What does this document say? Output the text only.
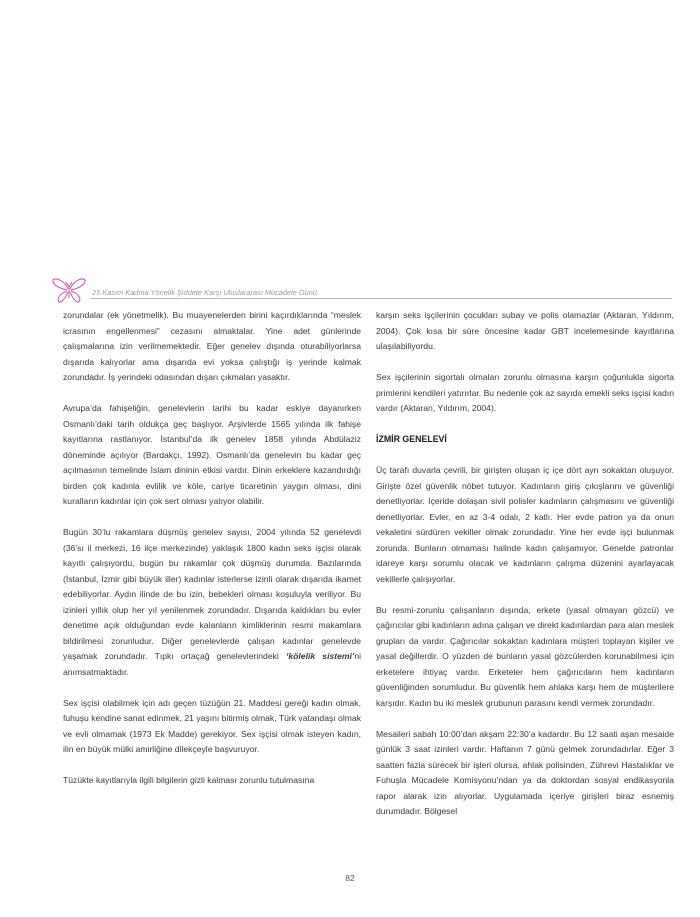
25 Kasım Kadına Yönelik Şiddete Karşı Uluslararası Mücadele Günü

zorundalar (ek yönetmelik). Bu muayenelerden birini kaçırdıklarında “meslek icrasının engellenmesi” cezasını almaktalar. Yine adet günlerinde çalışmalarına izin verilmemektedir. Eğer genelev dışında oturabiliyorlarsa dışarıda kalıyorlar ama dışarıda evi yoksa çalıştığı iş yerinde kalmak zorundadır. İş yerindeki odasından dışarı çıkmaları yasaktır.

Avrupa’da fahişeliğin, genelevlerin tarihi bu kadar eskiye dayanırken Osmanlı’daki tarih oldukça geç başlıyor. Arşivlerde 1565 yılında ilk fahişe kayıtlarına rastlanıyor. İstanbul’da ilk genelev 1858 yılında Abdülaziz döneminde açılıyor (Bardakçı, 1992). Osmanlı’da genelevin bu kadar geç açılmasının temelinde İslam dininin etkisi vardır. Dinin erkeklere kazandırdığı birden çok kadınla evlilik ve köle, cariye ticaretinin yaygın olması, dini kuralların kadınlar için çok sert olması yatıyor olabilir.

Bugün 30’lu rakamlara düşmüş genelev sayısı, 2004 yılında 52 genelevdi (36’sı il merkezi, 16 ilçe merkezinde) yaklaşık 1800 kadın seks işçisi olarak kayıtlı çalışıyordu, bugün bu rakamlar çok düşmüş durumda. Bazılarında (İstanbul, İzmir gibi büyük iller) kadınlar isterlerse izinli olarak dışarıda ikamet edebiliyorlar. Aydın ilinde de bu izin, bebekleri olması koşuluyla veriliyor. Bu izinleri yıllık olup her yıl yenilenmek zorundadır. Dışarıda kaldıkları bu evler denetime açık olduğundan evde kalanların kimliklerinin resmi makamlara bildirilmesi zorunludur. Diğer genelevlerde çalışan kadınlar genelevde yaşamak zorundadır. Tıpkı ortaçağ genelevlerindeki ‘kölelik sistemi’ni anımsatmaktadır.

Sex işçisi olabilmek için adı geçen tüzüğün 21. Maddesi gereği kadın olmak, fuhuşu kendine sanat edinmek, 21 yaşını bitirmiş olmak, Türk vatandaşı olmak ve evli olmamak (1973 Ek Madde) gerekiyor. Sex işçisi olmak isteyen kadın, ilin en büyük mülki amirliğine dilekçeyle başvuruyor.

Tüzükte kayıtlarıyla ilgili bilgilerin gizli kalması zorunlu tutulmasına

karşın seks işçilerinin çocukları subay ve polis olamazlar (Aktaran, Yıldırım, 2004). Çok kısa bir süre öncesine kadar GBT incelemesinde kayıtlarına ulaşılabiliyordu.

Sex işçilerinin sigortalı olmaları zorunlu olmasına karşın çoğunlukla sigorta primlerini kendileri yatırırlar. Bu nedenle çok az sayıda emekli seks işçisi kadın vardır (Aktaran, Yıldırım, 2004).

İZMİR GENELEVİ

Üç tarafı duvarla çevrili, bir girişten oluşan iç içe dört ayrı sokaktan oluşuyor. Girişte özel güvenlik nöbet tutuyor. Kadınların giriş çıkışlarını ve güvenliği denetliyorlar. İçeride dolaşan sivil polisler kadınların çalışmasını ve güvenliği denetliyorlar. Evler, en az 3-4 odalı, 2 katlı. Her evde patron ya da onun vekaletini sürdüren vekiller olmak zorundadır. Yine her evde işçi bulunmak zorunda. Bunların olmaması halinde kadın çalışamıyor. Genelde patronlar idareye karşı sorumlu olacak ve kadınların çalışma düzenini ayarlayacak vekillerle çalışıyorlar.

Bu resmi-zorunlu çalışanların dışında, erkete (yasal olmayan gözcü) ve çağırıcılar gibi kadınların adına çalışan ve direkt kadınlardan para alan meslek grupları da vardır. Çağırıcılar sokaktan kadınlara müşteri toplayan kişiler ve yasal değillerdir. O yüzden de bunların yasal gözcülerden korunabilmesi için erketelere ihtiyaç vardır. Erketeler hem çağırıcıların hem kadınların güvenliğinden sorumludur. Bu güvenlik hem ahlaka karşı hem de müşterilere karşıdır. Kadın bu iki meslek grubunun parasını kendi vermek zorundadır.

Mesaileri sabah 10:00’dan akşam 22:30’a kadardır. Bu 12 saati aşan mesaide günlük 3 saat izinleri vardır. Haftanın 7 günü gelmek zorundadırlar. Eğer 3 saatten fazla sürecek bir işleri olursa, ahlak polisinden, Zührevi Hastalıklar ve Fuhuşla Mücadele Komisyonu’ndan ya da doktordan sosyal endikasyonla rapor alarak izin alıyorlar. Uygulamada içeriye girişleri biraz esnemiş durumdadır. Bölgesel

82
